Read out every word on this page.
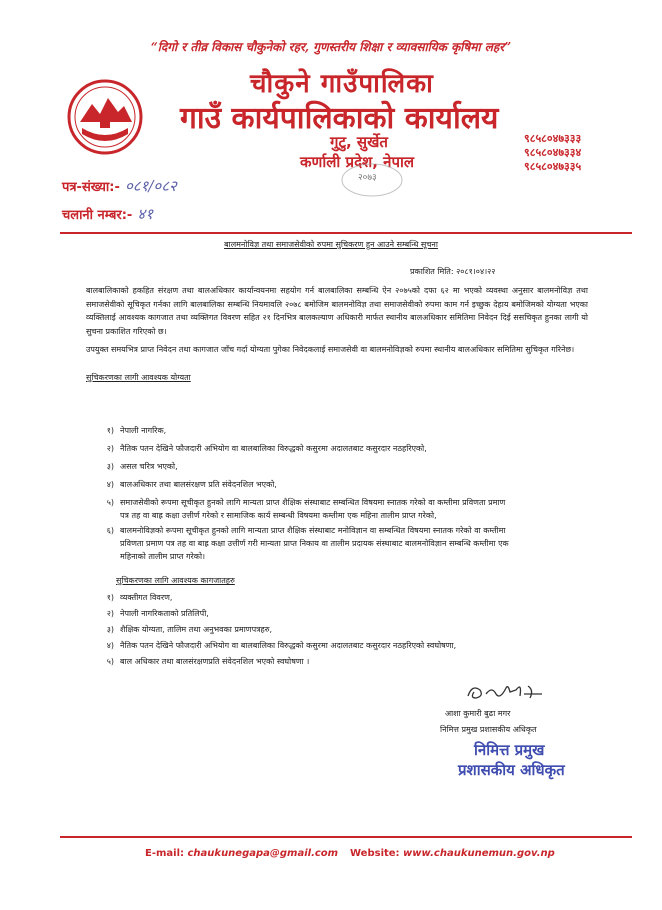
“दिगो र तीव्र विकास चौकुनेको रहर, गुणस्तरीय शिक्षा र व्यावसायिक कृषिमा लहर”
चौकुने गाउँपालिका
गाउँ कार्यपालिकाको कार्यालय
गुटु, सुर्खेत
कर्णाली प्रदेश, नेपाल
९८५८०४७३३३
९८५८०४७३३४
९८५८०४७३३५
२०७३
पत्र-संख्या:- ०८१/०८२
चलानी नम्बर:- ४१
बालमनोविज्ञ तथा समाजसेवीको रुपमा सुचिकरण हुन आउने सम्बन्धि सूचना
प्रकाशित मिति: २०८१।०४।२२
बालबालिकाको हकहित संरक्षण तथा बालअधिकार कार्यान्वयनमा सहयोग गर्न बालबालिका सम्बन्धि ऐन २०७५को दफा ६२ मा भएको व्यवस्था अनुसार बालमनोविज्ञ तथा समाजसेवीको सूचिकृत गर्नका लागि बालबालिका सम्बन्धि नियमावलि २०७८ बमोजिम बालमनोविज्ञ तथा समाजसेवीको रुपमा काम गर्न इच्छुक देहाय बमोजिमको योग्यता भएका व्यक्तिलाई आवश्यक कागजात तथा व्यक्तिगत विवरण सहित २१ दिनभित्र बालकल्याण अधिकारी मार्फत स्थानीय बालअधिकार समितिमा निवेदन दिई ससचिकृत हुनका लागी यो सुचना प्रकाशित गरिएको छ।
उपयुक्त समयभित्र प्राप्त निवेदन तथा कागजात जाँच गर्दा योग्यता पुगेका निवेदकलाई समाजसेवी वा बालमनोविज्ञको रुपमा स्थानीय बालअधिकार समितिमा सुचिकृत गरिनेछ।
सुचिकरणका लागी आवश्यक योग्यता
१) नेपाली नागरिक,
२) नैतिक पतन देखिने फौजदारी अभियोग वा बालबालिका विरुद्धको कसुरमा अदालतबाट कसुरदार नठहरिएको,
३) असल चरित्र भएको,
४) बालअधिकार तथा बालसंरक्षण प्रति संवेदनशिल भएको,
५) समाजसेवीको रूपमा सूचीकृत हुनको लागि मान्यता प्राप्त शैक्षिक संस्थाबाट सम्बन्धित विषयमा स्नातक गरेको वा कम्तीमा प्रविणता प्रमाण
पत्र तह वा बाह्र कक्षा उत्तीर्ण गरेको र सामाजिक कार्य सम्बन्धी विषयमा कम्तीमा एक महिना तालीम प्राप्त गरेको,
६) बालमनोविज्ञको रूपमा सूचीकृत हुनको लागि मान्यता प्राप्त शैक्षिक संस्थाबाट मनोविज्ञान वा सम्बन्धित विषयमा स्नातक गरेको वा कम्तीमा
प्रविणता प्रमाण पत्र तह वा बाह्र कक्षा उत्तीर्ण गरी मान्यता प्राप्त निकाय वा तालीम प्रदायक संस्थाबाट बालमनोविज्ञान सम्बन्धि कम्तीमा एक
महिनाको तालीम प्राप्त गरेको।
सुचिकरणका लागि आवश्यक कागजातहरु
१) व्यक्तीगत विवरण,
२) नेपाली नागरिकताको प्रतिलिपी,
३) शैक्षिक योग्यता, तालिम तथा अनुभवका प्रमाणपत्रहरु,
४) नैतिक पतन देखिने फौजदारी अभियोग वा बालबालिका विरुद्धको कसुरमा अदालतबाट कसुरदार नठहरिएको स्वघोषणा,
५) बाल अधिकार तथा बालसंरक्षणप्रति संवेदनशिल भएको स्वघोषणा ।
आशा कुमारी बुढा मगर
निमित्त प्रमुख प्रशासकीय अधिकृत
निमित्त प्रमुख
प्रशासकीय अधिकृत
E-mail: chaukunegapa@gmail.com Website: www.chaukunemun.gov.np
